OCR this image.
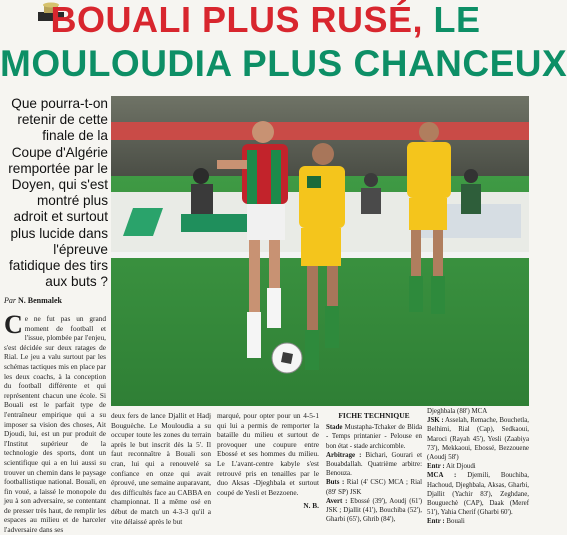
BOUALI PLUS RUSÉ, LE
MOULOUDIA PLUS CHANCEUX
Que pourra-t-on retenir de cette finale de la Coupe d'Algérie remportée par le Doyen, qui s'est montré plus adroit et surtout plus lucide dans l'épreuve fatidique des tirs aux buts ?
Par N. Benmalek
C e ne fut pas un grand moment de football et l'issue, plombée par l'enjeu, s'est décidée sur deux ratages de Rial. Le jeu a valu surtout par les schémas tactiques mis en place par les deux coachs, à la conception du football différente et qui représentent chacun une école. Si Bouali est le parfait type de l'entraîneur empirique qui a su imposer sa vision des choses, Ait Djoudi, lui, est un pur produit de l'Institut supérieur de la technologie des sports, dont un scientifique qui a en lui aussi su trouver un chemin dans le paysage footballistique national. Bouali, en fin voué, a laissé le monopole du jeu à son adversaire, se contentant de presser très haut, de remplir les espaces au milieu et de harceler l'adversaire dans ses
deux fers de lance Djallit et Hadj Bouguèche. Le Mouloudia a su occuper toute les zones du terrain après le but inscrit dès la 5'. Il faut reconnaître à Bouali son cran, lui qui a renouvelé sa confiance en onze qui avait éprouvé, une semaine auparavant, des difficultés face au CABBA en championnat. Il a même osé en début de match un 4-3-3 qu'il a vite délaissé après le but
marqué, pour opter pour un 4-5-1 qui lui a permis de remporter la bataille du milieu et surtout de provoquer une coupure entre Ebossé et ses hommes du milieu. Le L'avant-centre kabyle s'est retrouvé pris en tenailles par le duo Aksas -Djeghbala et surtout coupé de Yesli et Bezzoene.
N. B.
FICHE TECHNIQUE
Stade Mustapha-Tchaker de Blida - Temps printanier - Pelouse en bon état - stade archicomble.
Arbitrage : Bichari, Gourari et Bouabdallah. Quatrième arbitre: Benouza.
Buts : Rial (4' CSC) MCA ; Rial (89' SP) JSK
Avert : Ebossé (39'), Aoudj (61') JSK ; Djallit (41'), Bouchiba (52'), Gharbi (65'), Ghrib (84'),
Djeghbala (88') MCA
JSK : Asselah, Remache, Bouchetla, Belhimi, Rial (Cap), Sedkaoui, Maroci (Rayah 45'), Yesli (Zaabiya 73'), Mekkaoui, Ebossé, Bezzouene (Aoudj 58')
Entr : Ait Djoudi
MCA : Djemili, Bouchiba, Hachoud, Djeghbala, Aksas, Gharbi, Djallit (Yachir 83'), Zeghdane, Bouguechè (CAP), Daak (Meref 51'), Yahia Cherif (Gharbi 60').
Entr : Bouali
